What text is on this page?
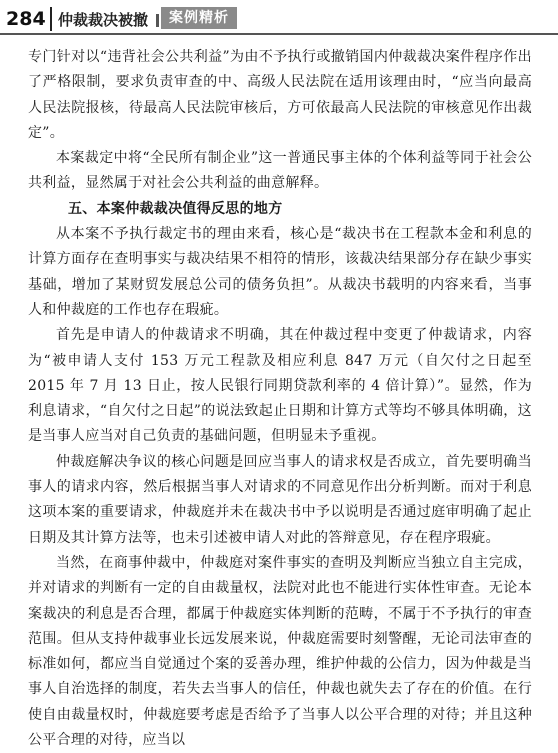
284 仲裁裁决被撤	案例精析

专门针对以“违背社会公共利益”为由不予执行或撤销国内仲裁裁决案件程序作出了严格限制，要求负责审查的中、高级人民法院在适用该理由时，“应当向最高人民法院报核，待最高人民法院审核后，方可依最高人民法院的审核意见作出裁定”。

本案裁定中将“全民所有制企业”这一普通民事主体的个体利益等同于社会公共利益，显然属于对社会公共利益的曲意解释。

五、本案仲裁裁决值得反思的地方

从本案不予执行裁定书的理由来看，核心是“裁决书在工程款本金和利息的计算方面存在查明事实与裁决结果不相符的情形，该裁决结果部分存在缺少事实基础，增加了某财贸发展总公司的债务负担”。从裁决书载明的内容来看，当事人和仲裁庭的工作也存在瑕疵。

首先是申请人的仲裁请求不明确，其在仲裁过程中变更了仲裁请求，内容为“被申请人支付 153 万元工程款及相应利息 847 万元（自欠付之日起至 2015 年 7 月 13 日止，按人民银行同期贷款利率的 4 倍计算）”。显然，作为利息请求，“自欠付之日起”的说法致起止日期和计算方式等均不够具体明确，这是当事人应当对自己负责的基础问题，但明显未予重视。

仲裁庭解决争议的核心问题是回应当事人的请求权是否成立，首先要明确当事人的请求内容，然后根据当事人对请求的不同意见作出分析判断。而对于利息这项本案的重要请求，仲裁庭并未在裁决书中予以说明是否通过庭审明确了起止日期及其计算方法等，也未引述被申请人对此的答辩意见，存在程序瑕疵。

当然，在商事仲裁中，仲裁庭对案件事实的查明及判断应当独立自主完成，并对请求的判断有一定的自由裁量权，法院对此也不能进行实体性审查。无论本案裁决的利息是否合理，都属于仲裁庭实体判断的范畴，不属于不予执行的审查范围。但从支持仲裁事业长远发展来说，仲裁庭需要时刻警醒，无论司法审查的标准如何，都应当自觉通过个案的妥善办理，维护仲裁的公信力，因为仲裁是当事人自治选择的制度，若失去当事人的信任，仲裁也就失去了存在的价值。在行使自由裁量权时，仲裁庭要考虑是否给予了当事人以公平合理的对待；并且这种公平合理的对待，应当以
